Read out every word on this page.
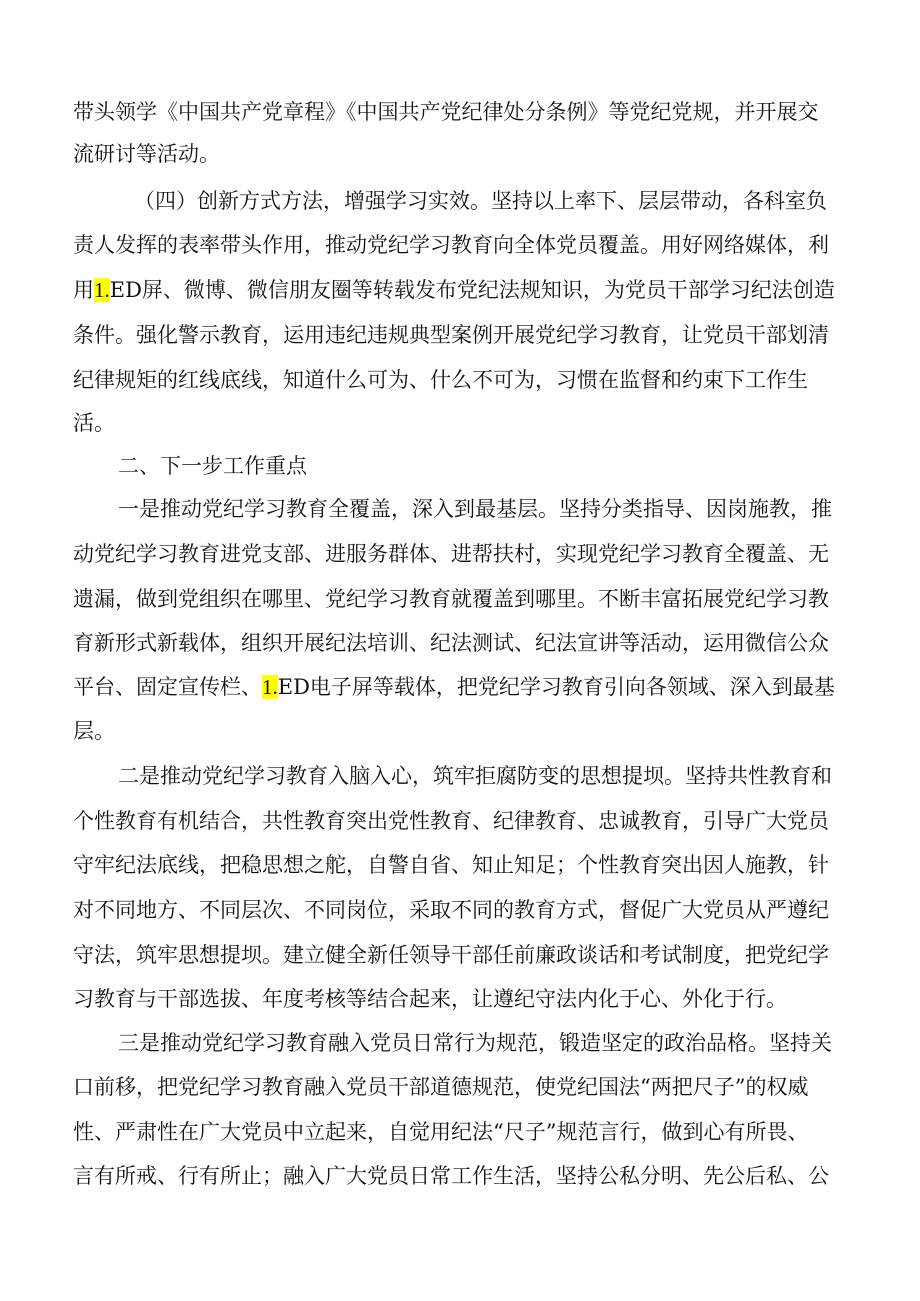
带头领学《中国共产党章程》《中国共产党纪律处分条例》等党纪党规，并开展交
流研讨等活动。
（四）创新方式方法，增强学习实效。坚持以上率下、层层带动，各科室负
责人发挥的表率带头作用，推动党纪学习教育向全体党员覆盖。用好网络媒体，利
用1.ED屏、微博、微信朋友圈等转载发布党纪法规知识，为党员干部学习纪法创造
条件。强化警示教育，运用违纪违规典型案例开展党纪学习教育，让党员干部划清
纪律规矩的红线底线，知道什么可为、什么不可为，习惯在监督和约束下工作生
活。
二、下一步工作重点
一是推动党纪学习教育全覆盖，深入到最基层。坚持分类指导、因岗施教，推
动党纪学习教育进党支部、进服务群体、进帮扶村，实现党纪学习教育全覆盖、无
遗漏，做到党组织在哪里、党纪学习教育就覆盖到哪里。不断丰富拓展党纪学习教
育新形式新载体，组织开展纪法培训、纪法测试、纪法宣讲等活动，运用微信公众
平台、固定宣传栏、1.ED电子屏等载体，把党纪学习教育引向各领域、深入到最基
层。
二是推动党纪学习教育入脑入心，筑牢拒腐防变的思想提坝。坚持共性教育和
个性教育有机结合，共性教育突出党性教育、纪律教育、忠诚教育，引导广大党员
守牢纪法底线，把稳思想之舵，自警自省、知止知足；个性教育突出因人施教，针
对不同地方、不同层次、不同岗位，采取不同的教育方式，督促广大党员从严遵纪
守法，筑牢思想提坝。建立健全新任领导干部任前廉政谈话和考试制度，把党纪学
习教育与干部选拔、年度考核等结合起来，让遵纪守法内化于心、外化于行。
三是推动党纪学习教育融入党员日常行为规范，锻造坚定的政治品格。坚持关
口前移，把党纪学习教育融入党员干部道德规范，使党纪国法“两把尺子”的权威
性、严肃性在广大党员中立起来，自觉用纪法“尺子”规范言行，做到心有所畏、
言有所戒、行有所止；融入广大党员日常工作生活，坚持公私分明、先公后私、公
